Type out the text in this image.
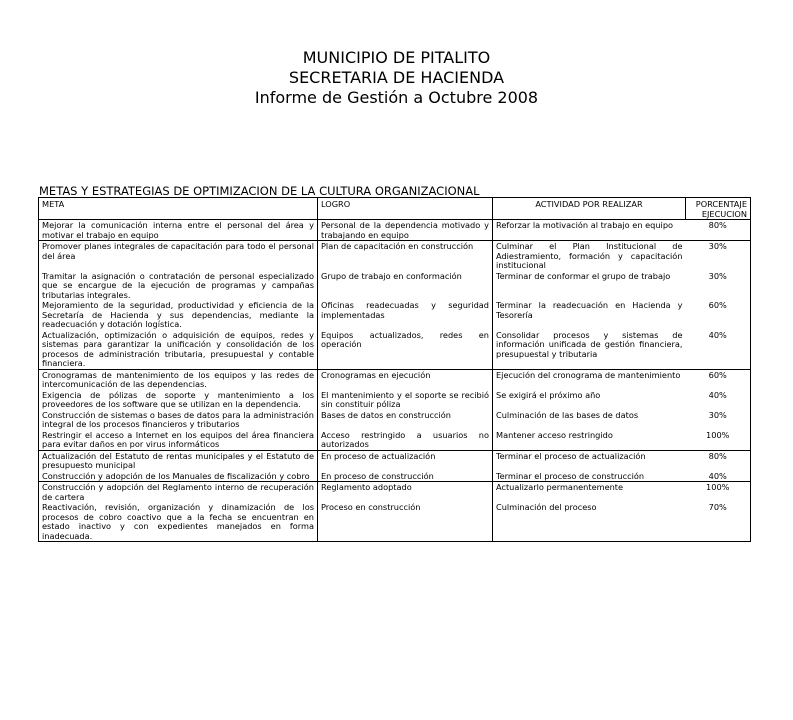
MUNICIPIO DE PITALITO
SECRETARIA DE HACIENDA
Informe de Gestión a Octubre 2008
METAS Y ESTRATEGIAS DE OPTIMIZACION DE LA CULTURA ORGANIZACIONAL
META	LOGRO	ACTIVIDAD POR REALIZAR	PORCENTAJE EJECUCION
Mejorar la comunicación interna entre el personal del área y motivar el trabajo en equipo	Personal de la dependencia motivado y trabajando en equipo	Reforzar la motivación al trabajo en equipo	80%
Promover planes integrales de capacitación para todo el personal del área	Plan de capacitación en construcción	Culminar el Plan Institucional de Adiestramiento, formación y capacitación institucional	30%
Tramitar la asignación o contratación de personal especializado que se encargue de la ejecución de programas y campañas tributarias integrales.	Grupo de trabajo en conformación	Terminar de conformar el grupo de trabajo	30%
Mejoramiento de la seguridad, productividad y eficiencia de la Secretaría de Hacienda y sus dependencias, mediante la readecuación y dotación logística.	Oficinas readecuadas y seguridad implementadas	Terminar la readecuación en Hacienda y Tesorería	60%
Actualización, optimización o adquisición de equipos, redes y sistemas para garantizar la unificación y consolidación de los procesos de administración tributaria, presupuestal y contable financiera.	Equipos actualizados, redes en operación	Consolidar procesos y sistemas de información unificada de gestión financiera, presupuestal y tributaria	40%
Cronogramas de mantenimiento de los equipos y las redes de intercomunicación de las dependencias.	Cronogramas en ejecución	Ejecución del cronograma de mantenimiento	60%
Exigencia de pólizas de soporte y mantenimiento a los proveedores de los software que se utilizan en la dependencia.	El mantenimiento y el soporte se recibió sin constituir póliza	Se exigirá el próximo año	40%
Construcción de sistemas o bases de datos para la administración integral de los procesos financieros y tributarios	Bases de datos en construcción	Culminación de las bases de datos	30%
Restringir el acceso a Internet en los equipos del área financiera para evitar daños en por virus informáticos	Acceso restringido a usuarios no autorizados	Mantener acceso restringido	100%
Actualización del Estatuto de rentas municipales y el Estatuto de presupuesto municipal	En proceso de actualización	Terminar el proceso de actualización	80%
Construcción y adopción de los Manuales de fiscalización y cobro	En proceso de construcción	Terminar el proceso de construcción	40%
Construcción y adopción del Reglamento interno de recuperación de cartera	Reglamento adoptado	Actualizarlo permanentemente	100%
Reactivación, revisión, organización y dinamización de los procesos de cobro coactivo que a la fecha se encuentran en estado inactivo y con expedientes manejados en forma inadecuada.	Proceso en construcción	Culminación del proceso	70%
